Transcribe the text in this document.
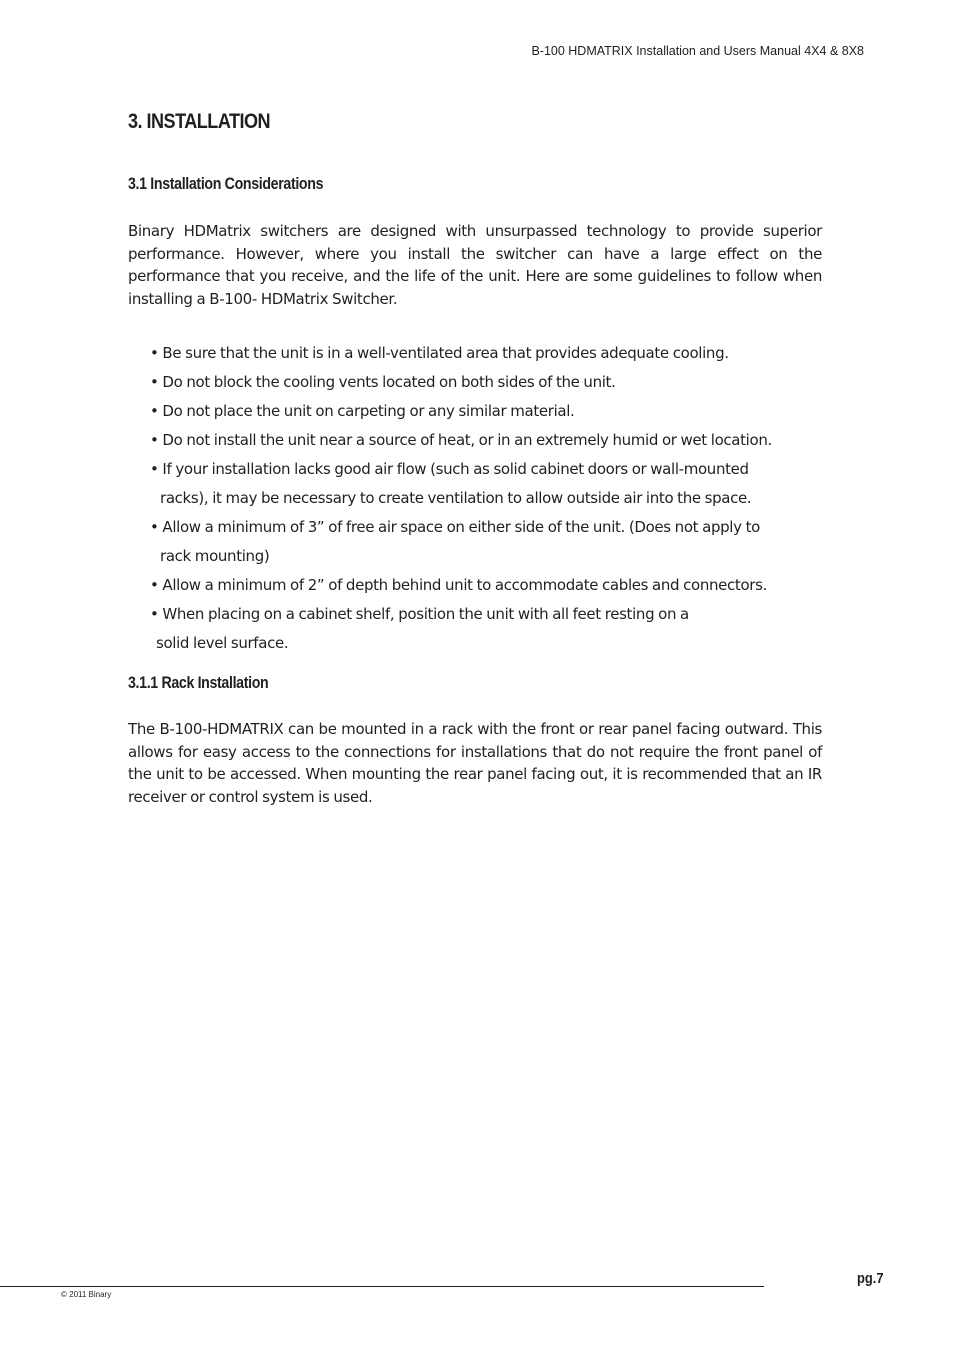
B-100 HDMATRIX Installation and Users Manual 4X4 & 8X8
3. INSTALLATION
3.1 Installation Considerations

Binary HDMatrix switchers are designed with unsurpassed technology to provide superior performance. However, where you install the switcher can have a large effect on the performance that you receive, and the life of the unit. Here are some guidelines to follow when installing a B-100- HDMatrix Switcher.

• Be sure that the unit is in a well-ventilated area that provides adequate cooling.
• Do not block the cooling vents located on both sides of the unit.
• Do not place the unit on carpeting or any similar material.
• Do not install the unit near a source of heat, or in an extremely humid or wet location.
• If your installation lacks good air flow (such as solid cabinet doors or wall-mounted
racks), it may be necessary to create ventilation to allow outside air into the space.
• Allow a minimum of 3” of free air space on either side of the unit. (Does not apply to
rack mounting)
• Allow a minimum of 2” of depth behind unit to accommodate cables and connectors.
• When placing on a cabinet shelf, position the unit with all feet resting on a
solid level surface.
3.1.1 Rack Installation

The B-100-HDMATRIX can be mounted in a rack with the front or rear panel facing outward. This allows for easy access to the connections for installations that do not require the front panel of the unit to be accessed. When mounting the rear panel facing out, it is recommended that an IR receiver or control system is used.

pg.7
© 2011 Binary
